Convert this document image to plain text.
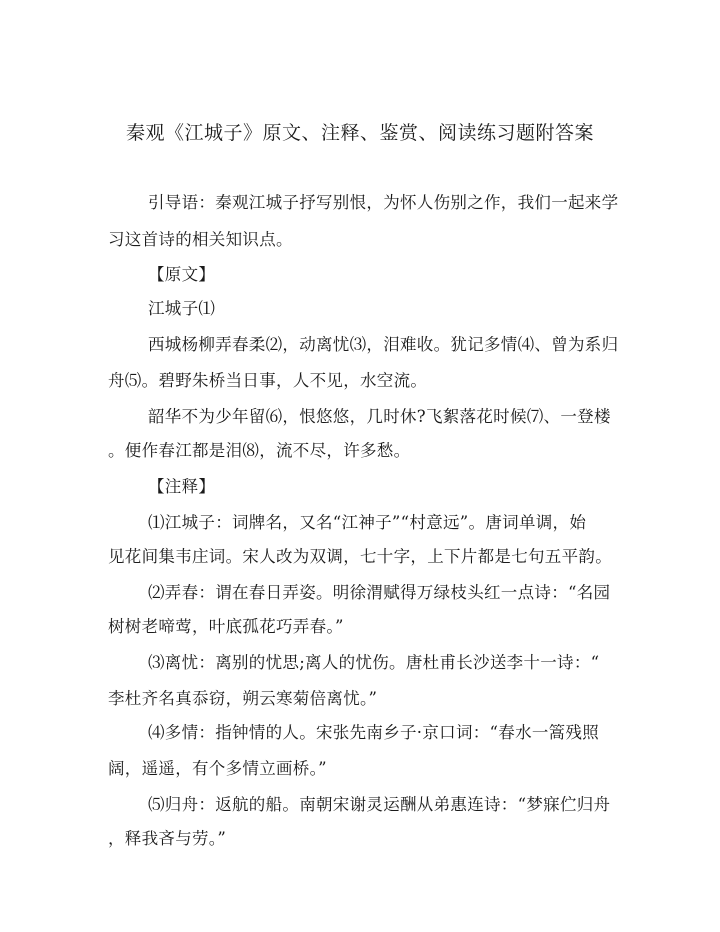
秦观《江城子》原文、注释、鉴赏、阅读练习题附答案
引导语：秦观江城子抒写别恨，为怀人伤别之作，我们一起来学
习这首诗的相关知识点。
【原文】
江城子⑴
西城杨柳弄春柔⑵，动离忧⑶，泪难收。犹记多情⑷、曾为系归
舟⑸。碧野朱桥当日事，人不见，水空流。
韶华不为少年留⑹，恨悠悠，几时休?飞絮落花时候⑺、一登楼
。便作春江都是泪⑻，流不尽，许多愁。
【注释】
⑴江城子：词牌名，又名“江神子”“村意远”。唐词单调，始
见花间集韦庄词。宋人改为双调，七十字，上下片都是七句五平韵。
⑵弄春：谓在春日弄姿。明徐渭赋得万绿枝头红一点诗：“名园
树树老啼莺，叶底孤花巧弄春。”
⑶离忧：离别的忧思;离人的忧伤。唐杜甫长沙送李十一诗：“
李杜齐名真忝窃，朔云寒菊倍离忧。”
⑷多情：指钟情的人。宋张先南乡子·京口词：“春水一篙残照
阔，遥遥，有个多情立画桥。”
⑸归舟：返航的船。南朝宋谢灵运酬从弟惠连诗：“梦寐伫归舟
，释我吝与劳。”
